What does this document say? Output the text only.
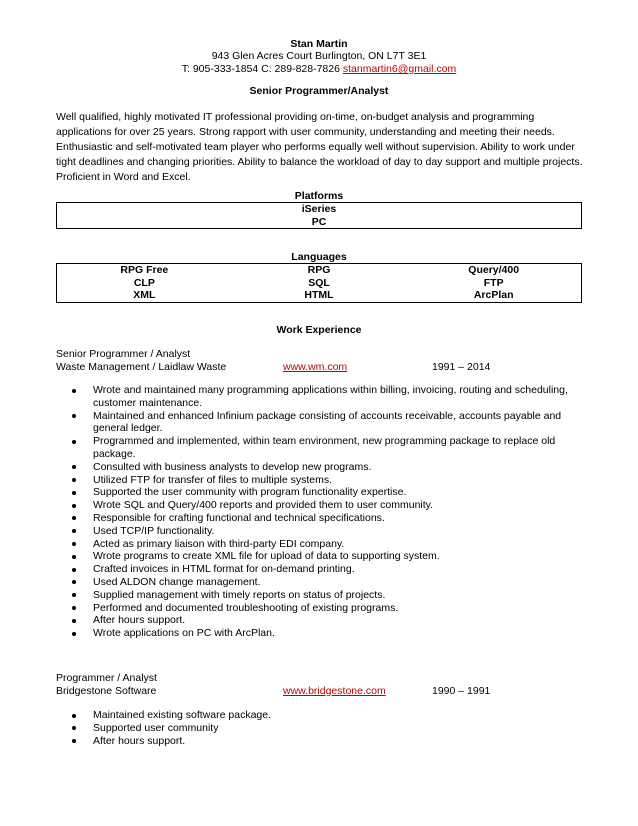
Stan Martin
943 Glen Acres Court Burlington, ON L7T 3E1
T: 905-333-1854 C: 289-828-7826 stanmartin6@gmail.com
Senior Programmer/Analyst
Well qualified, highly motivated IT professional providing on-time, on-budget analysis and programming applications for over 25 years. Strong rapport with user community, understanding and meeting their needs. Enthusiastic and self-motivated team player who performs equally well without supervision. Ability to work under tight deadlines and changing priorities. Ability to balance the workload of day to day support and multiple projects. Proficient in Word and Excel.
Platforms
iSeries
PC
Languages
RPG Free	RPG	Query/400
CLP	SQL	FTP
XML	HTML	ArcPlan
Work Experience
Senior Programmer / Analyst
Waste Management / Laidlaw Waste	www.wm.com	1991 – 2014
Wrote and maintained many programming applications within billing, invoicing, routing and scheduling, customer maintenance.
Maintained and enhanced Infinium package consisting of accounts receivable, accounts payable and general ledger.
Programmed and implemented, within team environment, new programming package to replace old package.
Consulted with business analysts to develop new programs.
Utilized FTP for transfer of files to multiple systems.
Supported the user community with program functionality expertise.
Wrote SQL and Query/400 reports and provided them to user community.
Responsible for crafting functional and technical specifications.
Used TCP/IP functionality.
Acted as primary liaison with third-party EDI company.
Wrote programs to create XML file for upload of data to supporting system.
Crafted invoices in HTML format for on-demand printing.
Used ALDON change management.
Supplied management with timely reports on status of projects.
Performed and documented troubleshooting of existing programs.
After hours support.
Wrote applications on PC with ArcPlan.
Programmer / Analyst
Bridgestone Software	www.bridgestone.com	1990 – 1991
Maintained existing software package.
Supported user community
After hours support.
